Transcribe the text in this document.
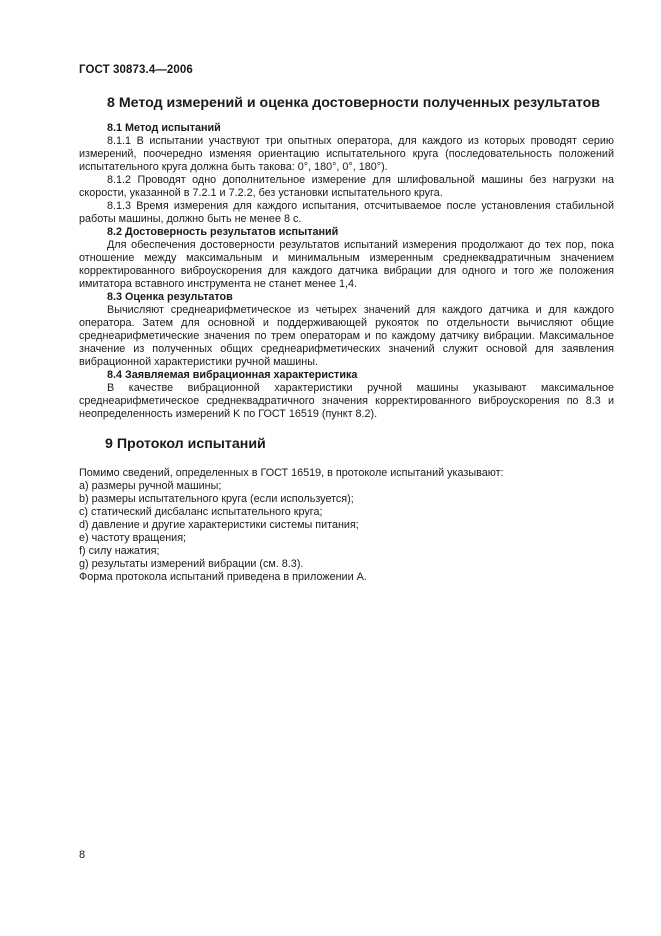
ГОСТ 30873.4—2006
8 Метод измерений и оценка достоверности полученных результатов
8.1 Метод испытаний

8.1.1 В испытании участвуют три опытных оператора, для каждого из которых проводят серию измерений, поочередно изменяя ориентацию испытательного круга (последовательность положений испытательного круга должна быть такова: 0°, 180°, 0°, 180°).

8.1.2 Проводят одно дополнительное измерение для шлифовальной машины без нагрузки на скорости, указанной в 7.2.1 и 7.2.2, без установки испытательного круга.

8.1.3 Время измерения для каждого испытания, отсчитываемое после установления стабильной работы машины, должно быть не менее 8 с.

8.2 Достоверность результатов испытаний

Для обеспечения достоверности результатов испытаний измерения продолжают до тех пор, пока отношение между максимальным и минимальным измеренным среднеквадратичным значением корректированного виброускорения для каждого датчика вибрации для одного и того же положения имитатора вставного инструмента не станет менее 1,4.

8.3 Оценка результатов

Вычисляют среднеарифметическое из четырех значений для каждого датчика и для каждого оператора. Затем для основной и поддерживающей рукояток по отдельности вычисляют общие среднеарифметические значения по трем операторам и по каждому датчику вибрации. Максимальное значение из полученных общих среднеарифметических значений служит основой для заявления вибрационной характеристики ручной машины.

8.4 Заявляемая вибрационная характеристика

В качестве вибрационной характеристики ручной машины указывают максимальное среднеарифметическое среднеквадратичного значения корректированного виброускорения по 8.3 и неопределенность измерений K по ГОСТ 16519 (пункт 8.2).

9 Протокол испытаний

Помимо сведений, определенных в ГОСТ 16519, в протоколе испытаний указывают:

a) размеры ручной машины;
b) размеры испытательного круга (если используется);
c) статический дисбаланс испытательного круга;
d) давление и другие характеристики системы питания;
e) частоту вращения;
f) силу нажатия;
g) результаты измерений вибрации (см. 8.3).

Форма протокола испытаний приведена в приложении А.

8
